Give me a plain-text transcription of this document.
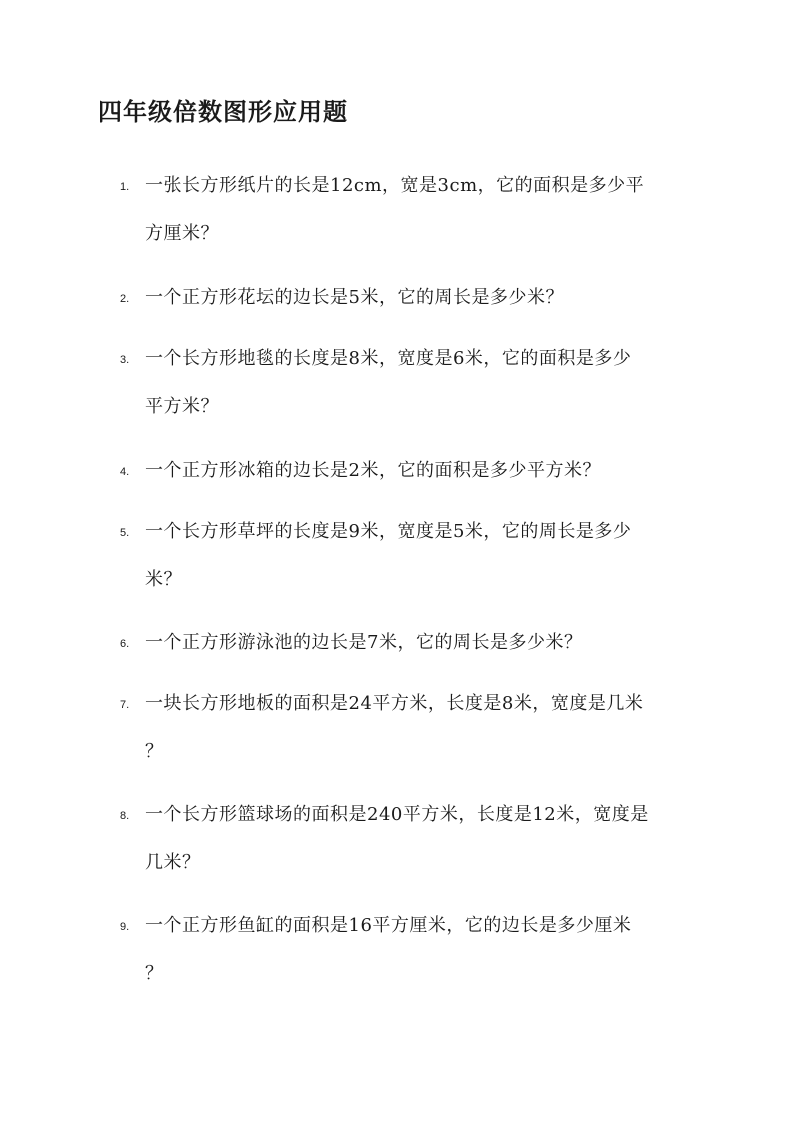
四年级倍数图形应用题
1. 一张长方形纸片的长是12cm，宽是3cm，它的面积是多少平
方厘米？
2. 一个正方形花坛的边长是5米，它的周长是多少米？
3. 一个长方形地毯的长度是8米，宽度是6米，它的面积是多少
平方米？
4. 一个正方形冰箱的边长是2米，它的面积是多少平方米？
5. 一个长方形草坪的长度是9米，宽度是5米，它的周长是多少
米？
6. 一个正方形游泳池的边长是7米，它的周长是多少米？
7. 一块长方形地板的面积是24平方米，长度是8米，宽度是几米
？
8. 一个长方形篮球场的面积是240平方米，长度是12米，宽度是
几米？
9. 一个正方形鱼缸的面积是16平方厘米，它的边长是多少厘米
？
